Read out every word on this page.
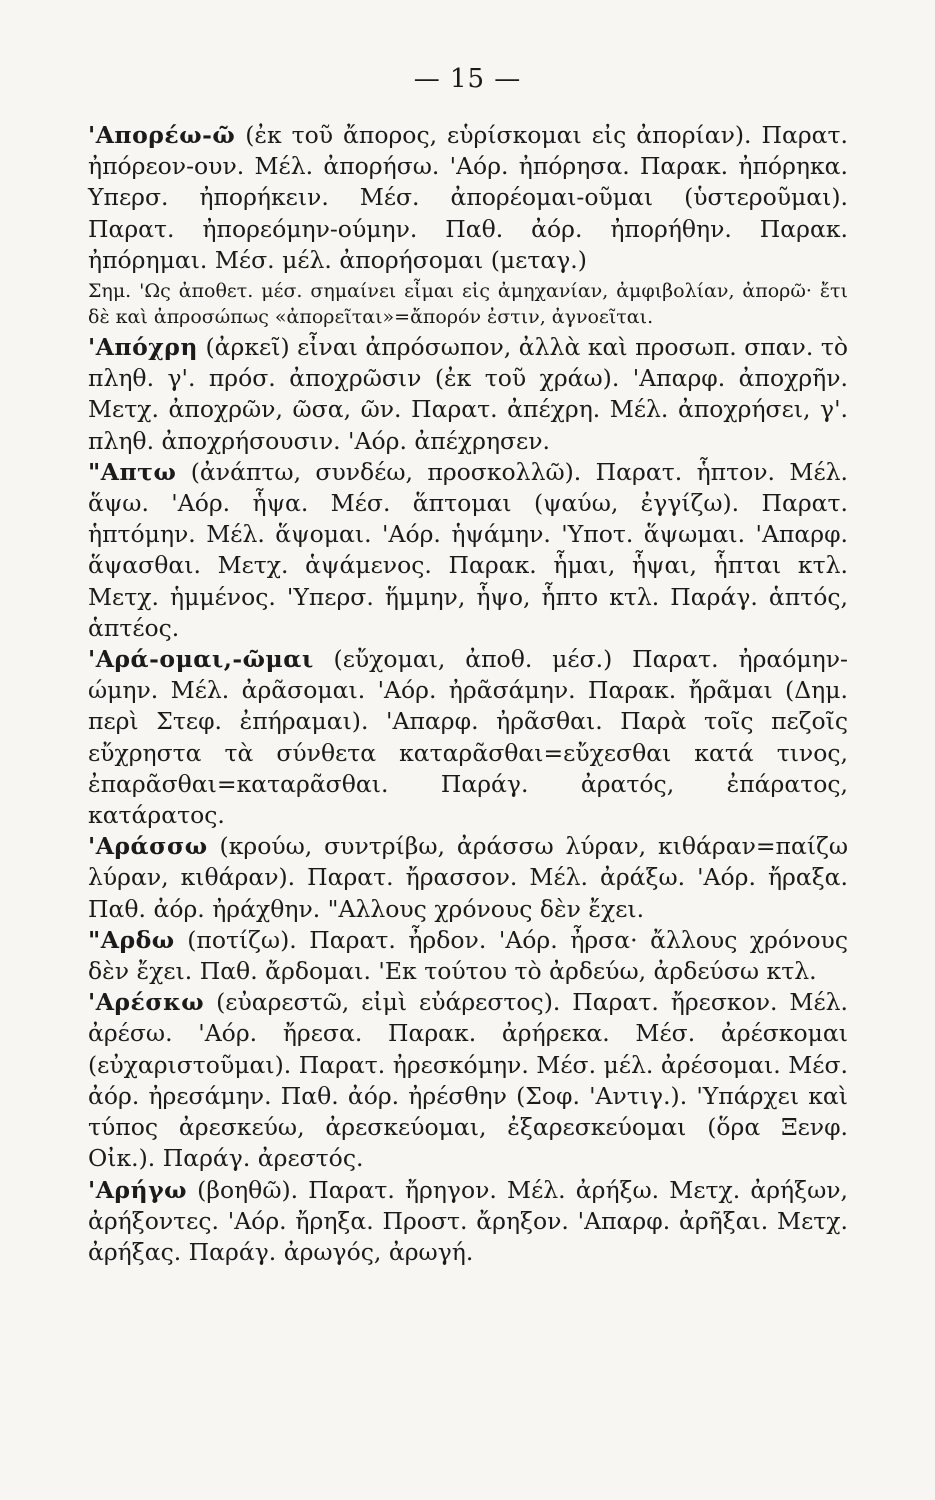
— 15 —

'Απορέω-ῶ (ἐκ τοῦ ἄπορος, εὑρίσκομαι εἰς ἀπορίαν). Παρατ. ἠπόρεον-ουν. Μέλ. ἀπορήσω. 'Αόρ. ἠπόρησα. Παρακ. ἠπόρηκα. Υπερσ. ἠπορήκειν. Μέσ. ἀπορέομαι-οῦμαι (ὑστεροῦμαι). Παρατ. ἠπορεόμην-ούμην. Παθ. ἀόρ. ἠπορήθην. Παρακ. ἠπόρημαι. Μέσ. μέλ. ἀπορήσομαι (μεταγ.)

Σημ. 'Ως ἀποθετ. μέσ. σημαίνει εἶμαι εἰς ἀμηχανίαν, ἀμφιβολίαν, ἀπορῶ· ἔτι δὲ καὶ ἀπροσώπως «ἀπορεῖται»=ἄπορόν ἐστιν, ἀγνοεῖται.

'Απόχρη (ἀρκεῖ) εἶναι ἀπρόσωπον, ἀλλὰ καὶ προσωπ. σπαν. τὸ πληθ. γ'. πρόσ. ἀποχρῶσιν (ἐκ τοῦ χράω). 'Απαρφ. ἀποχρῆν. Μετχ. ἀποχρῶν, ῶσα, ῶν. Παρατ. ἀπέχρη. Μέλ. ἀποχρήσει, γ'. πληθ. ἀποχρήσουσιν. 'Αόρ. ἀπέχρησεν.

"Απτω (ἀνάπτω, συνδέω, προσκολλῶ). Παρατ. ἧπτον. Μέλ. ἅψω. 'Αόρ. ἧψα. Μέσ. ἅπτομαι (ψαύω, ἐγγίζω). Παρατ. ἡπτόμην. Μέλ. ἅψομαι. 'Αόρ. ἡψάμην. 'Υποτ. ἅψωμαι. 'Απαρφ. ἅψασθαι. Μετχ. ἁψάμενος. Παρακ. ἧμαι, ἧψαι, ἧπται κτλ. Μετχ. ἡμμένος. 'Υπερσ. ἥμμην, ἧψο, ἧπτο κτλ. Παράγ. ἁπτός, ἁπτέος.

'Αρά-ομαι,-ῶμαι (εὔχομαι, ἀποθ. μέσ.) Παρατ. ἠραόμην-ώμην. Μέλ. ἀρᾶσομαι. 'Αόρ. ἠρᾶσάμην. Παρακ. ἤρᾶμαι (Δημ. περὶ Στεφ. ἐπήραμαι). 'Απαρφ. ἠρᾶσθαι. Παρὰ τοῖς πεζοῖς εὔχρηστα τὰ σύνθετα καταρᾶσθαι=εὔχεσθαι κατά τινος, ἐπαρᾶσθαι=καταρᾶσθαι. Παράγ. ἀρατός, ἐπάρατος, κατάρατος.

'Αράσσω (κρούω, συντρίβω, ἀράσσω λύραν, κιθάραν=παίζω λύραν, κιθάραν). Παρατ. ἤρασσον. Μέλ. ἀράξω. 'Αόρ. ἤραξα. Παθ. ἀόρ. ἠράχθην. "Αλλους χρόνους δὲν ἔχει.

"Αρδω (ποτίζω). Παρατ. ἦρδον. 'Αόρ. ἦρσα· ἄλλους χρόνους δὲν ἔχει. Παθ. ἄρδομαι. 'Εκ τούτου τὸ ἀρδεύω, ἀρδεύσω κτλ.

'Αρέσκω (εὐαρεστῶ, εἰμὶ εὐάρεστος). Παρατ. ἤρεσκον. Μέλ. ἀρέσω. 'Αόρ. ἤρεσα. Παρακ. ἀρήρεκα. Μέσ. ἀρέσκομαι (εὐχαριστοῦμαι). Παρατ. ἠρεσκόμην. Μέσ. μέλ. ἀρέσομαι. Μέσ. ἀόρ. ἠρεσάμην. Παθ. ἀόρ. ἠρέσθην (Σοφ. 'Αντιγ.). 'Υπάρχει καὶ τύπος ἀρεσκεύω, ἀρεσκεύομαι, ἐξαρεσκεύομαι (ὅρα Ξενφ. Οἰκ.). Παράγ. ἀρεστός.

'Αρήγω (βοηθῶ). Παρατ. ἤρηγον. Μέλ. ἀρήξω. Μετχ. ἀρήξων, ἀρήξοντες. 'Αόρ. ἤρηξα. Προστ. ἄρηξον. 'Απαρφ. ἀρῆξαι. Μετχ. ἀρήξας. Παράγ. ἀρωγός, ἀρωγή.
